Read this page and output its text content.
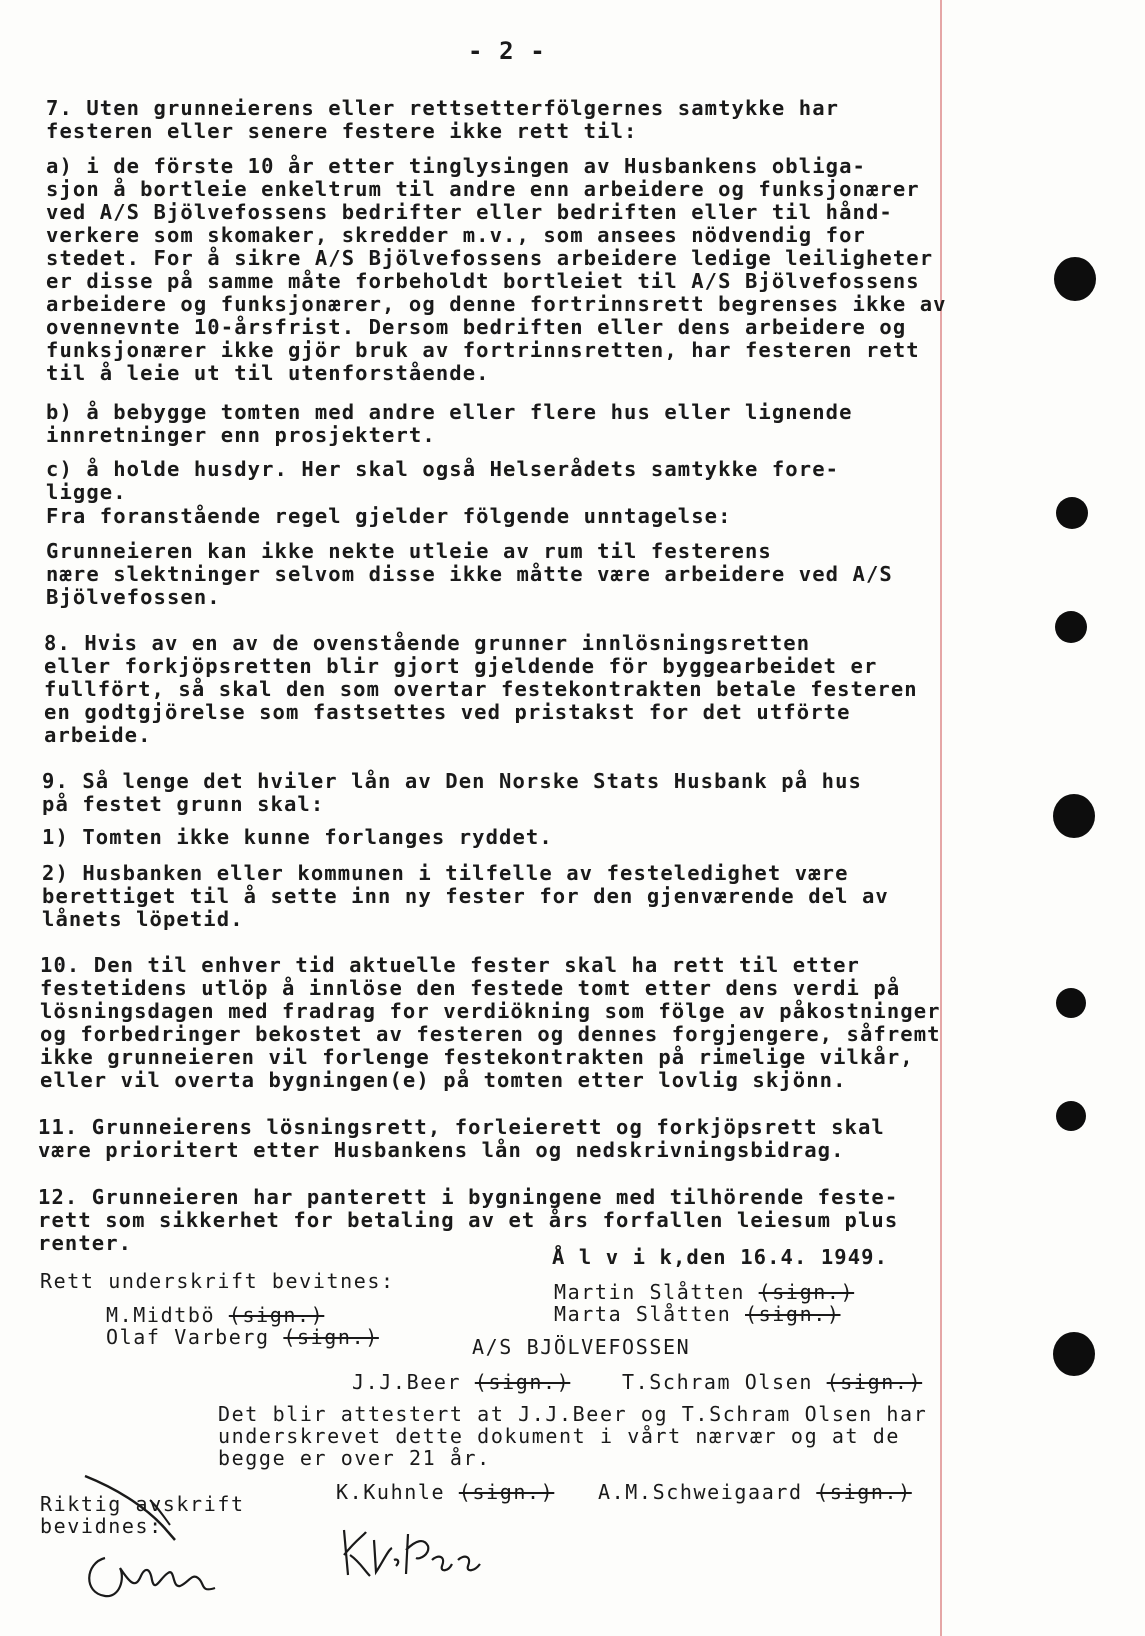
- 2 -
7. Uten grunneierens eller rettsetterfölgernes samtykke har
festeren eller senere festere ikke rett til:
a) i de förste 10 år etter tinglysingen av Husbankens obliga-
sjon å bortleie enkeltrum til andre enn arbeidere og funksjonærer
ved A/S Bjölvefossens bedrifter eller bedriften eller til hånd-
verkere som skomaker, skredder m.v., som ansees nödvendig for
stedet. For å sikre A/S Bjölvefossens arbeidere ledige leiligheter
er disse på samme måte forbeholdt bortleiet til A/S Bjölvefossens
arbeidere og funksjonærer, og denne fortrinnsrett begrenses ikke av
ovennevnte 10-årsfrist. Dersom bedriften eller dens arbeidere og
funksjonærer ikke gjör bruk av fortrinnsretten, har festeren rett
til å leie ut til utenforstående.
b) å bebygge tomten med andre eller flere hus eller lignende
innretninger enn prosjektert.
c) å holde husdyr. Her skal også Helserådets samtykke fore-
ligge.
Fra foranstående regel gjelder fölgende unntagelse:
Grunneieren kan ikke nekte utleie av rum til festerens
nære slektninger selvom disse ikke måtte være arbeidere ved A/S
Bjölvefossen.
8. Hvis av en av de ovenstående grunner innlösningsretten
eller forkjöpsretten blir gjort gjeldende för byggearbeidet er
fullfört, så skal den som overtar festekontrakten betale festeren
en godtgjörelse som fastsettes ved pristakst for det utförte
arbeide.
9. Så lenge det hviler lån av Den Norske Stats Husbank på hus
på festet grunn skal:
1) Tomten ikke kunne forlanges ryddet.
2) Husbanken eller kommunen i tilfelle av festeledighet være
berettiget til å sette inn ny fester for den gjenværende del av
lånets löpetid.
10. Den til enhver tid aktuelle fester skal ha rett til etter
festetidens utlöp å innlöse den festede tomt etter dens verdi på
lösningsdagen med fradrag for verdiökning som fölge av påkostninger
og forbedringer bekostet av festeren og dennes forgjengere, såfremt
ikke grunneieren vil forlenge festekontrakten på rimelige vilkår,
eller vil overta bygningen(e) på tomten etter lovlig skjönn.
11. Grunneierens lösningsrett, forleierett og forkjöpsrett skal
være prioritert etter Husbankens lån og nedskrivningsbidrag.
12. Grunneieren har panterett i bygningene med tilhörende feste-
rett som sikkerhet for betaling av et års forfallen leiesum plus
renter.
Å l v i k,den 16.4. 1949.
Rett underskrift bevitnes:	Martin Slåtten (sign.)
Marta Slåtten (sign.)
M.Midtbö (sign.)
Olaf Varberg (sign.)	A/S BJÖLVEFOSSEN
J.J.Beer (sign.)	T.Schram Olsen (sign.)
Det blir attestert at J.J.Beer og T.Schram Olsen har
underskrevet dette dokument i vårt nærvær og at de
begge er over 21 år.
K.Kuhnle (sign.) A.M.Schweigaard (sign.)
Riktig avskrift
bevidnes:
